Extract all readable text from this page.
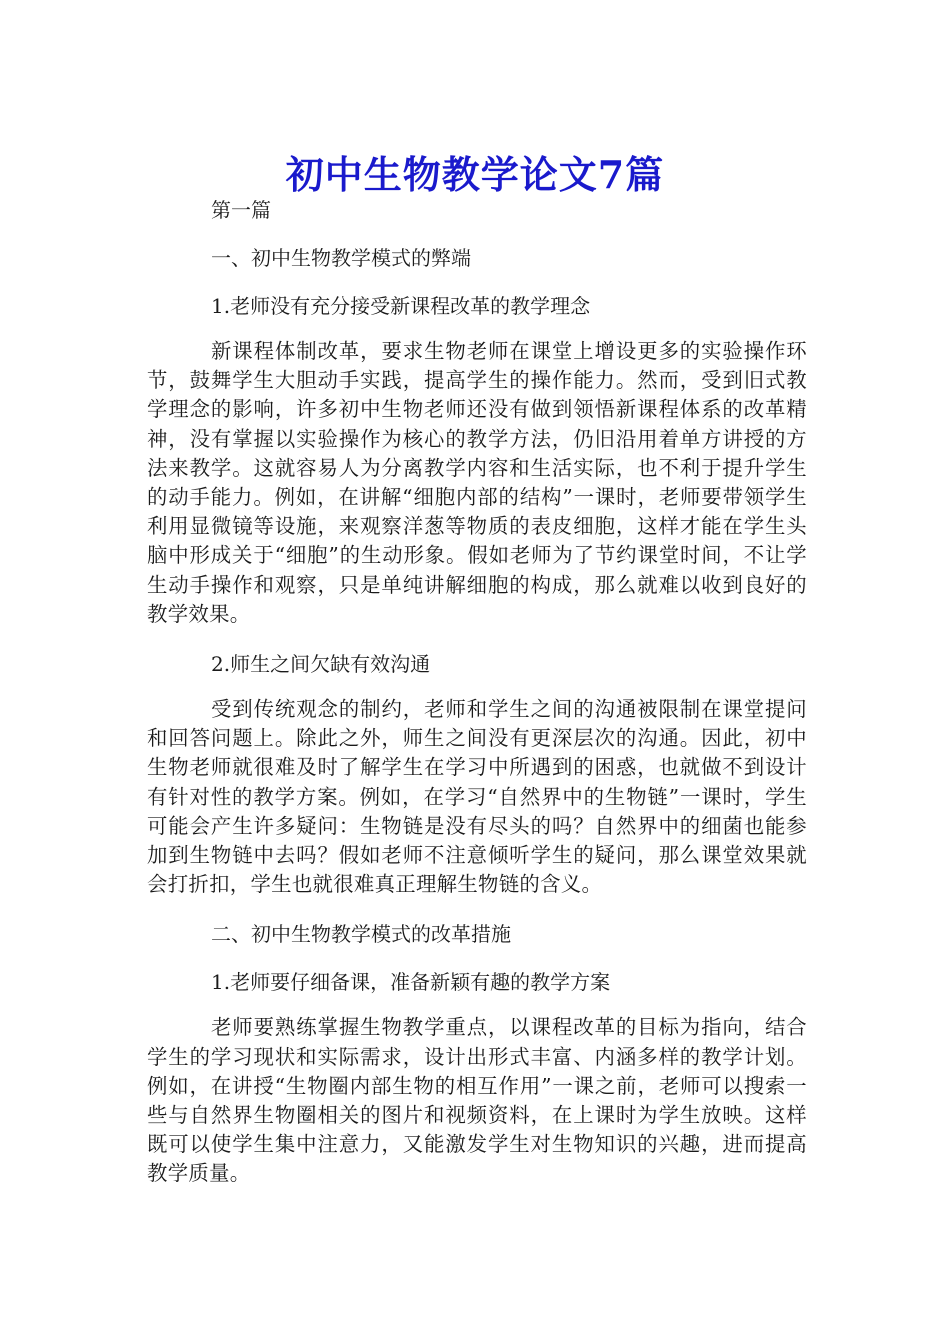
初中生物教学论文7篇

第一篇

一、初中生物教学模式的弊端

1.老师没有充分接受新课程改革的教学理念

新课程体制改革，要求生物老师在课堂上增设更多的实验操作环节，鼓舞学生大胆动手实践，提高学生的操作能力。然而，受到旧式教学理念的影响，许多初中生物老师还没有做到领悟新课程体系的改革精神，没有掌握以实验操作为核心的教学方法，仍旧沿用着单方讲授的方法来教学。这就容易人为分离教学内容和生活实际，也不利于提升学生的动手能力。例如，在讲解“细胞内部的结构”一课时，老师要带领学生利用显微镜等设施，来观察洋葱等物质的表皮细胞，这样才能在学生头脑中形成关于“细胞”的生动形象。假如老师为了节约课堂时间，不让学生动手操作和观察，只是单纯讲解细胞的构成，那么就难以收到良好的教学效果。

2.师生之间欠缺有效沟通

受到传统观念的制约，老师和学生之间的沟通被限制在课堂提问和回答问题上。除此之外，师生之间没有更深层次的沟通。因此，初中生物老师就很难及时了解学生在学习中所遇到的困惑，也就做不到设计有针对性的教学方案。例如，在学习“自然界中的生物链”一课时，学生可能会产生许多疑问：生物链是没有尽头的吗？自然界中的细菌也能参加到生物链中去吗？假如老师不注意倾听学生的疑问，那么课堂效果就会打折扣，学生也就很难真正理解生物链的含义。

二、初中生物教学模式的改革措施

1.老师要仔细备课，准备新颖有趣的教学方案

老师要熟练掌握生物教学重点，以课程改革的目标为指向，结合学生的学习现状和实际需求，设计出形式丰富、内涵多样的教学计划。例如，在讲授“生物圈内部生物的相互作用”一课之前，老师可以搜索一些与自然界生物圈相关的图片和视频资料，在上课时为学生放映。这样既可以使学生集中注意力，又能激发学生对生物知识的兴趣，进而提高教学质量。
